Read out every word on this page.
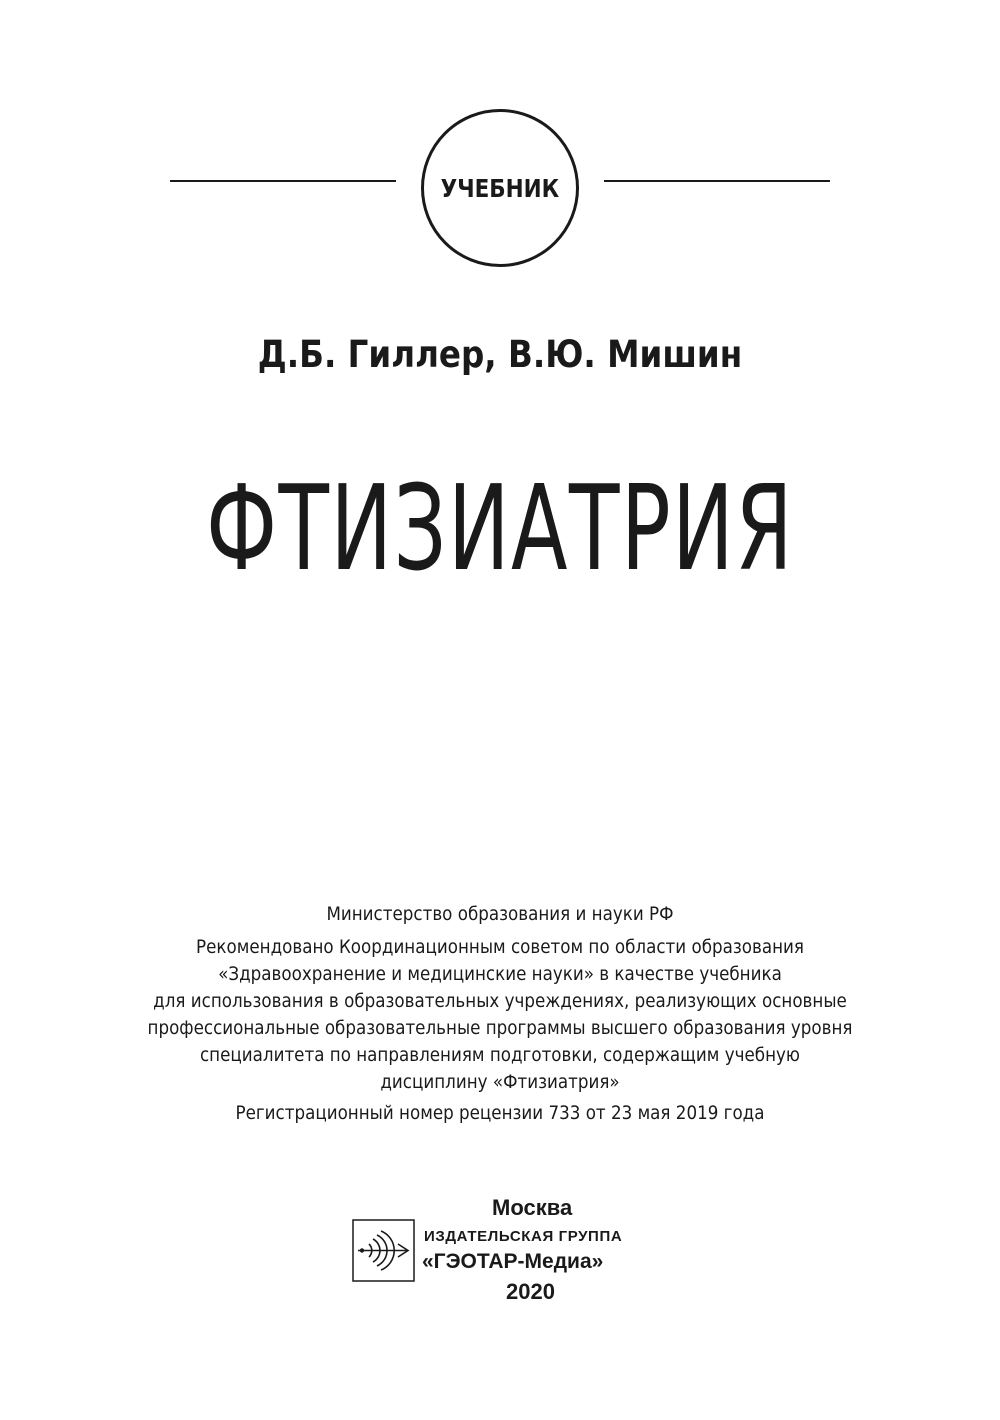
УЧЕБНИК
Д.Б. Гиллер, В.Ю. Мишин
ФТИЗИАТРИЯ
Министерство образования и науки РФ
Рекомендовано Координационным советом по области образования
«Здравоохранение и медицинские науки» в качестве учебника
для использования в образовательных учреждениях, реализующих основные
профессиональные образовательные программы высшего образования уровня
специалитета по направлениям подготовки, содержащим учебную
дисциплину «Фтизиатрия»
Регистрационный номер рецензии 733 от 23 мая 2019 года
Москва
ИЗДАТЕЛЬСКАЯ ГРУППА
«ГЭОТАР-Медиа»
2020
